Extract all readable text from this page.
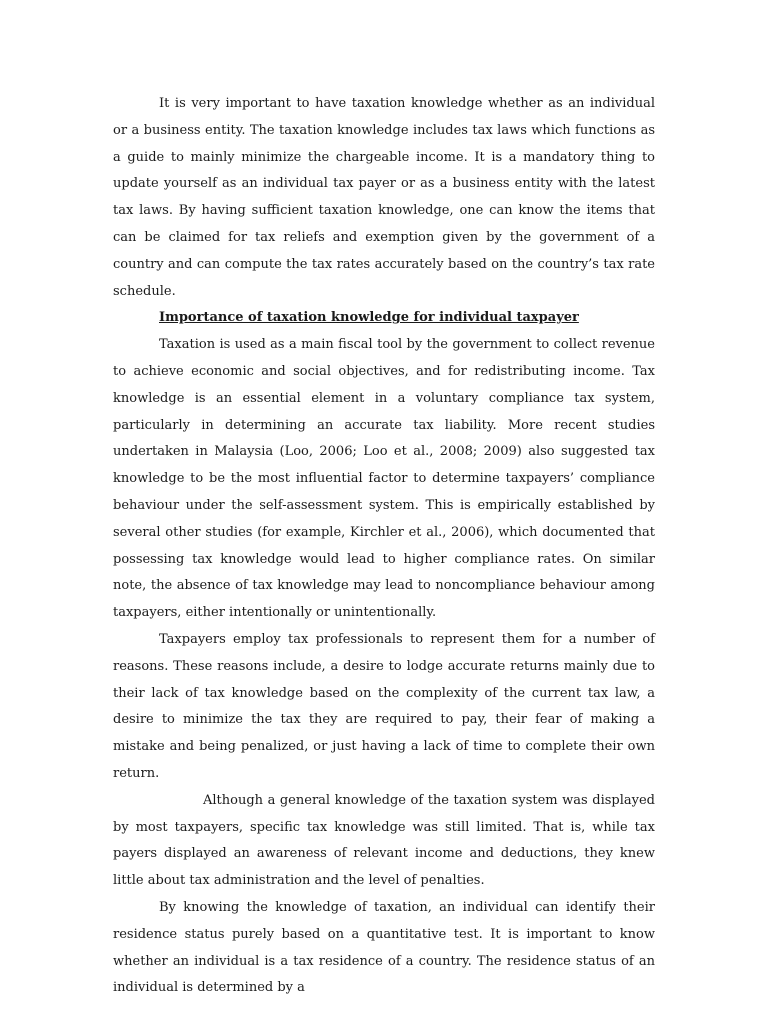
It is very important to have taxation knowledge whether as an individual or a business entity. The taxation knowledge includes tax laws which functions as a guide to mainly minimize the chargeable income. It is a mandatory thing to update yourself as an individual tax payer or as a business entity with the latest tax laws. By having sufficient taxation knowledge, one can know the items that can be claimed for tax reliefs and exemption given by the government of a country and can compute the tax rates accurately based on the country’s tax rate schedule.

Importance of taxation knowledge for individual taxpayer

Taxation is used as a main fiscal tool by the government to collect revenue to achieve economic and social objectives, and for redistributing income. Tax knowledge is an essential element in a voluntary compliance tax system, particularly in determining an accurate tax liability. More recent studies undertaken in Malaysia (Loo, 2006; Loo et al., 2008; 2009) also suggested tax knowledge to be the most influential factor to determine taxpayers’ compliance behaviour under the self-assessment system. This is empirically established by several other studies (for example, Kirchler et al., 2006), which documented that possessing tax knowledge would lead to higher compliance rates. On similar note, the absence of tax knowledge may lead to noncompliance behaviour among taxpayers, either intentionally or unintentionally.

Taxpayers employ tax professionals to represent them for a number of reasons. These reasons include, a desire to lodge accurate returns mainly due to their lack of tax knowledge based on the complexity of the current tax law, a desire to minimize the tax they are required to pay, their fear of making a mistake and being penalized, or just having a lack of time to complete their own return.

Although a general knowledge of the taxation system was displayed by most taxpayers, specific tax knowledge was still limited. That is, while tax payers displayed an awareness of relevant income and deductions, they knew little about tax administration and the level of penalties.

By knowing the knowledge of taxation, an individual can identify their residence status purely based on a quantitative test. It is important to know whether an individual is a tax residence of a country. The residence status of an individual is determined by a
